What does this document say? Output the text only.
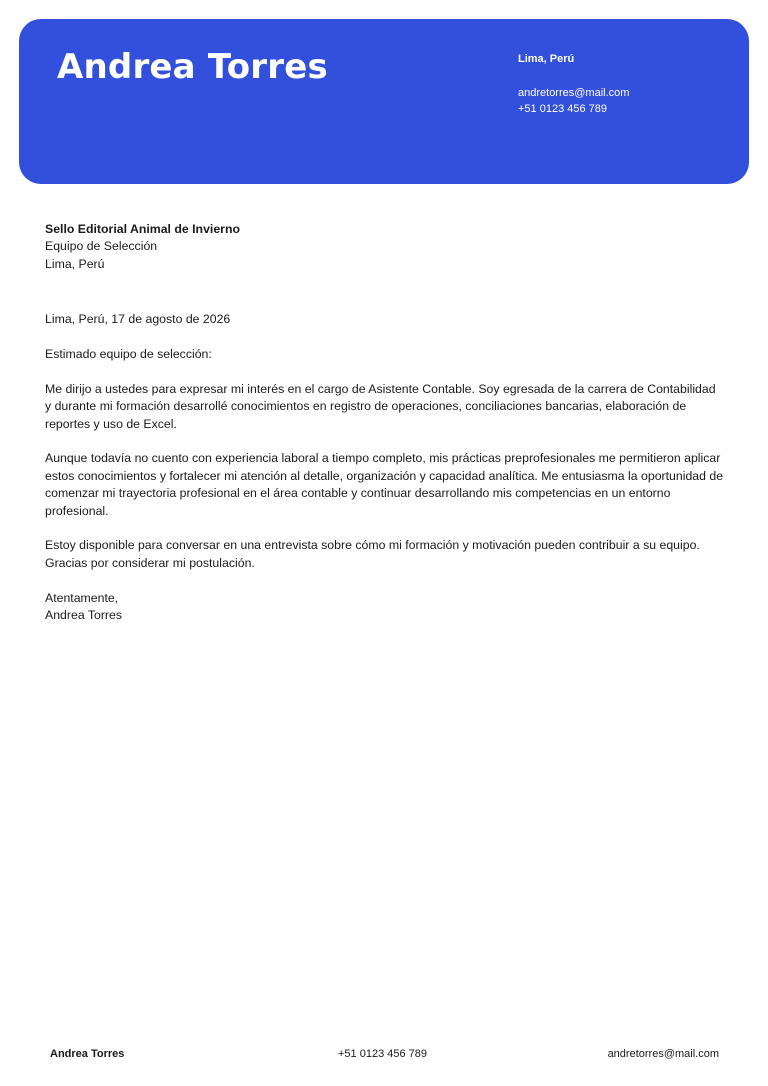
Andrea Torres	Lima, Perú
andretorres@mail.com
+51 0123 456 789
Sello Editorial Animal de Invierno
Equipo de Selección
Lima, Perú

Lima, Perú, 17 de agosto de 2026

Estimado equipo de selección:

Me dirijo a ustedes para expresar mi interés en el cargo de Asistente Contable. Soy egresada de la carrera de Contabilidad y durante mi formación desarrollé conocimientos en registro de operaciones, conciliaciones bancarias, elaboración de reportes y uso de Excel.

Aunque todavía no cuento con experiencia laboral a tiempo completo, mis prácticas preprofesionales me permitieron aplicar estos conocimientos y fortalecer mi atención al detalle, organización y capacidad analítica. Me entusiasma la oportunidad de comenzar mi trayectoria profesional en el área contable y continuar desarrollando mis competencias en un entorno profesional.

Estoy disponible para conversar en una entrevista sobre cómo mi formación y motivación pueden contribuir a su equipo. Gracias por considerar mi postulación.

Atentamente,
Andrea Torres
Andrea Torres	+51 0123 456 789	andretorres@mail.com
